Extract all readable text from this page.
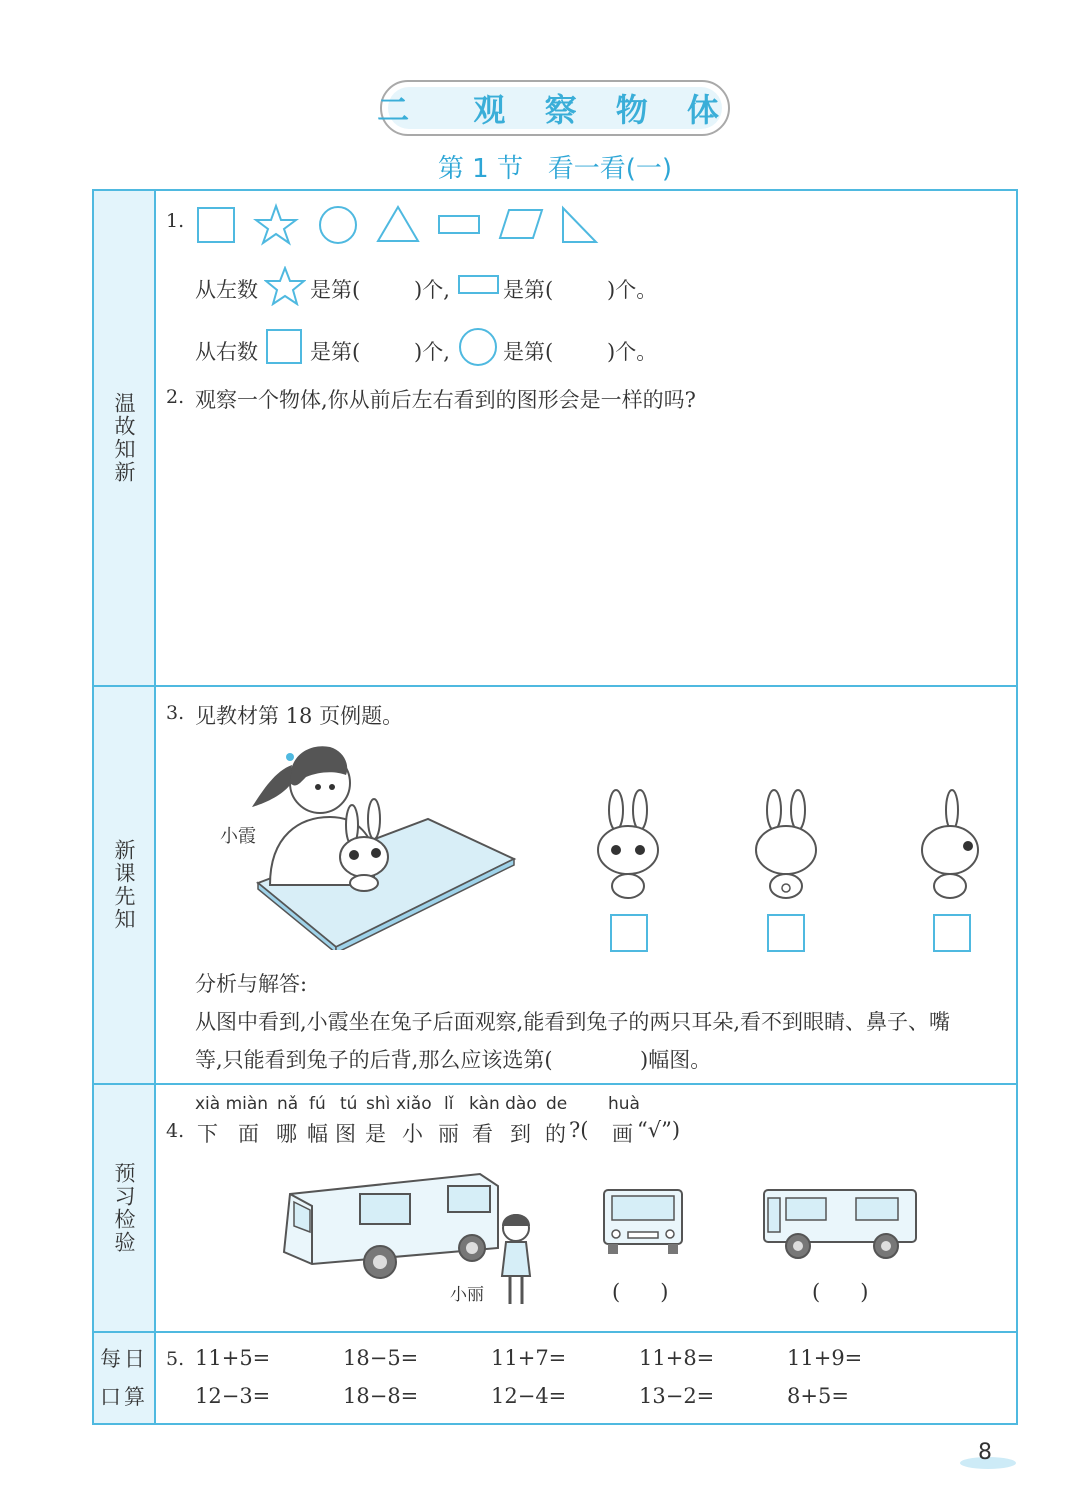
二  观 察 物 体
第 1 节   看一看(一)
温故知新
新课先知
预习检验
每日
口算
1.
从左数 是第(	)个,	是第(	)个。
从右数 是第(	)个,	是第(	)个。
2. 观察一个物体,你从前后左右看到的图形会是一样的吗?
3. 见教材第 18 页例题。
小霞
分析与解答:
从图中看到,小霞坐在兔子后面观察,能看到兔子的两只耳朵,看不到眼睛、鼻子、嘴
等,只能看到兔子的后背,那么应该选第(	)幅图。
xià miàn nǎ fú tú shì xiǎo lǐ kàn dào de huà
4. 下 面 哪 幅 图 是 小 丽 看 到 的 ?( 画 “√”)
小丽	(      )	(      )
5. 11+5=	18−5=	11+7=	11+8=	11+9=
12−3=	18−8=	12−4=	13−2=	8+5=
8
